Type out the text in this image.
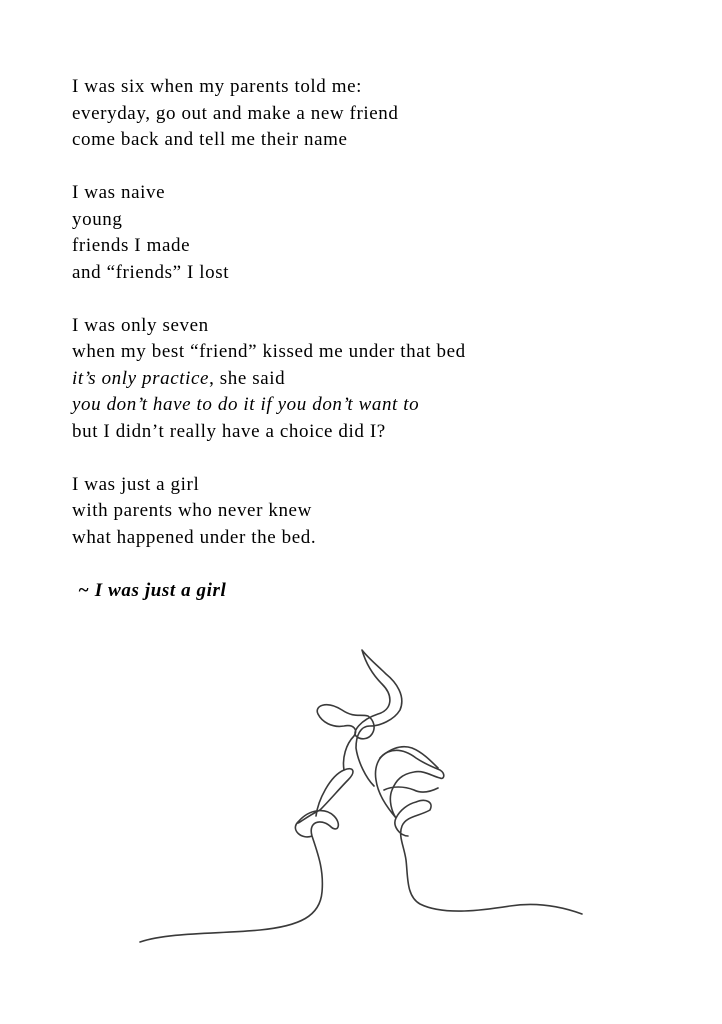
I was six when my parents told me:
everyday, go out and make a new friend
come back and tell me their name
I was naive
young
friends I made
and “friends” I lost
I was only seven
when my best “friend” kissed me under that bed
it’s only practice, she said
you don’t have to do it if you don’t want to
but I didn’t really have a choice did I?
I was just a girl
with parents who never knew
what happened under the bed.
~ I was just a girl
